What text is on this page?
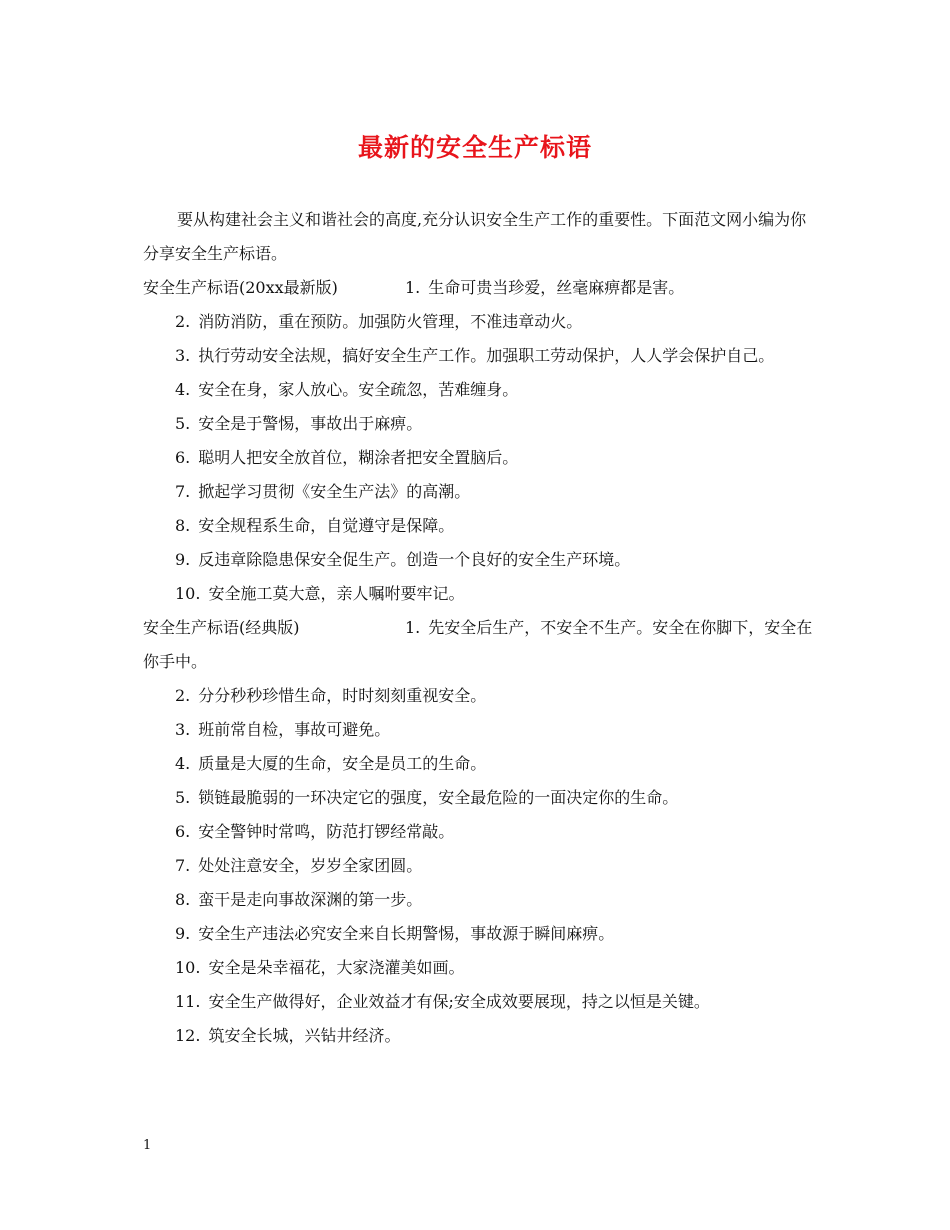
最新的安全生产标语

要从构建社会主义和谐社会的高度,充分认识安全生产工作的重要性。下面范文网小编为你分享安全生产标语。

安全生产标语(20xx最新版)	1. 生命可贵当珍爱，丝毫麻痹都是害。

2. 消防消防，重在预防。加强防火管理，不准违章动火。

3. 执行劳动安全法规，搞好安全生产工作。加强职工劳动保护，人人学会保护自己。

4. 安全在身，家人放心。安全疏忽，苦难缠身。

5. 安全是于警惕，事故出于麻痹。

6. 聪明人把安全放首位，糊涂者把安全置脑后。

7. 掀起学习贯彻《安全生产法》的高潮。

8. 安全规程系生命，自觉遵守是保障。

9. 反违章除隐患保安全促生产。创造一个良好的安全生产环境。

10. 安全施工莫大意，亲人嘱咐要牢记。

安全生产标语(经典版)	1. 先安全后生产，不安全不生产。安全在你脚下，安全在你手中。

2. 分分秒秒珍惜生命，时时刻刻重视安全。

3. 班前常自检，事故可避免。

4. 质量是大厦的生命，安全是员工的生命。

5. 锁链最脆弱的一环决定它的强度，安全最危险的一面决定你的生命。

6. 安全警钟时常鸣，防范打锣经常敲。

7. 处处注意安全，岁岁全家团圆。

8. 蛮干是走向事故深渊的第一步。

9. 安全生产违法必究安全来自长期警惕，事故源于瞬间麻痹。

10. 安全是朵幸福花，大家浇灌美如画。

11. 安全生产做得好，企业效益才有保;安全成效要展现，持之以恒是关键。

12. 筑安全长城，兴钻井经济。

1
